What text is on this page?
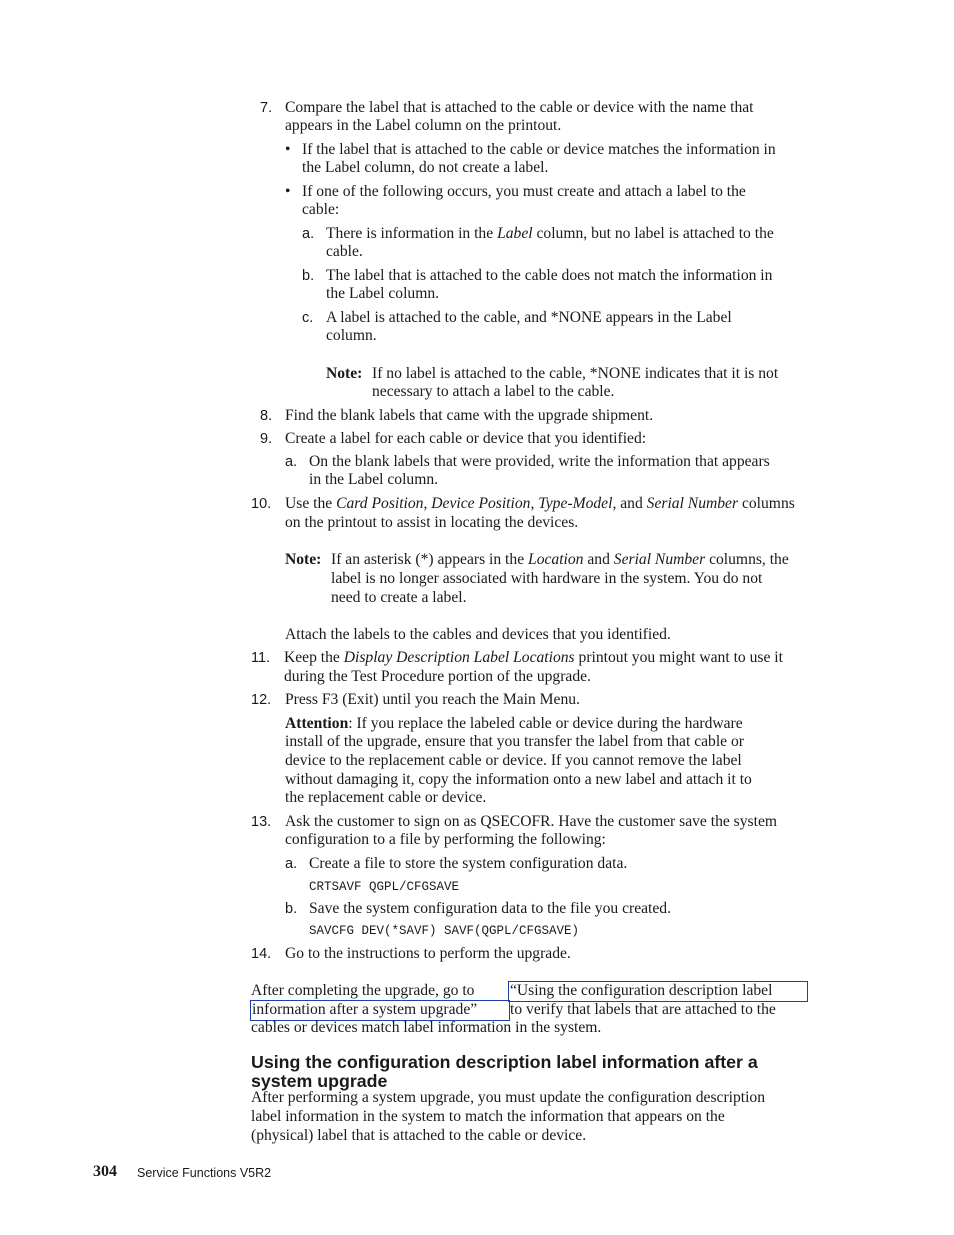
7. Compare the label that is attached to the cable or device with the name that
appears in the Label column on the printout.
• If the label that is attached to the cable or device matches the information in
the Label column, do not create a label.
• If one of the following occurs, you must create and attach a label to the
cable:
a. There is information in the Label column, but no label is attached to the
cable.
b. The label that is attached to the cable does not match the information in
the Label column.
c. A label is attached to the cable, and *NONE appears in the Label
column.
Note: If no label is attached to the cable, *NONE indicates that it is not
necessary to attach a label to the cable.
8. Find the blank labels that came with the upgrade shipment.
9. Create a label for each cable or device that you identified:
a. On the blank labels that were provided, write the information that appears
in the Label column.
10. Use the Card Position, Device Position, Type-Model, and Serial Number columns
on the printout to assist in locating the devices.
Note: If an asterisk (*) appears in the Location and Serial Number columns, the
label is no longer associated with hardware in the system. You do not
need to create a label.
Attach the labels to the cables and devices that you identified.
11. Keep the Display Description Label Locations printout you might want to use it
during the Test Procedure portion of the upgrade.
12. Press F3 (Exit) until you reach the Main Menu.
Attention: If you replace the labeled cable or device during the hardware
install of the upgrade, ensure that you transfer the label from that cable or
device to the replacement cable or device. If you cannot remove the label
without damaging it, copy the information onto a new label and attach it to
the replacement cable or device.
13. Ask the customer to sign on as QSECOFR. Have the customer save the system
configuration to a file by performing the following:
a. Create a file to store the system configuration data.
CRTSAVF QGPL/CFGSAVE
b. Save the system configuration data to the file you created.
SAVCFG DEV(*SAVF) SAVF(QGPL/CFGSAVE)
14. Go to the instructions to perform the upgrade.
After completing the upgrade, go to “Using the configuration description label
information after a system upgrade” to verify that labels that are attached to the
cables or devices match label information in the system.
Using the configuration description label information after a
system upgrade
After performing a system upgrade, you must update the configuration description
label information in the system to match the information that appears on the
(physical) label that is attached to the cable or device.
304 Service Functions V5R2
